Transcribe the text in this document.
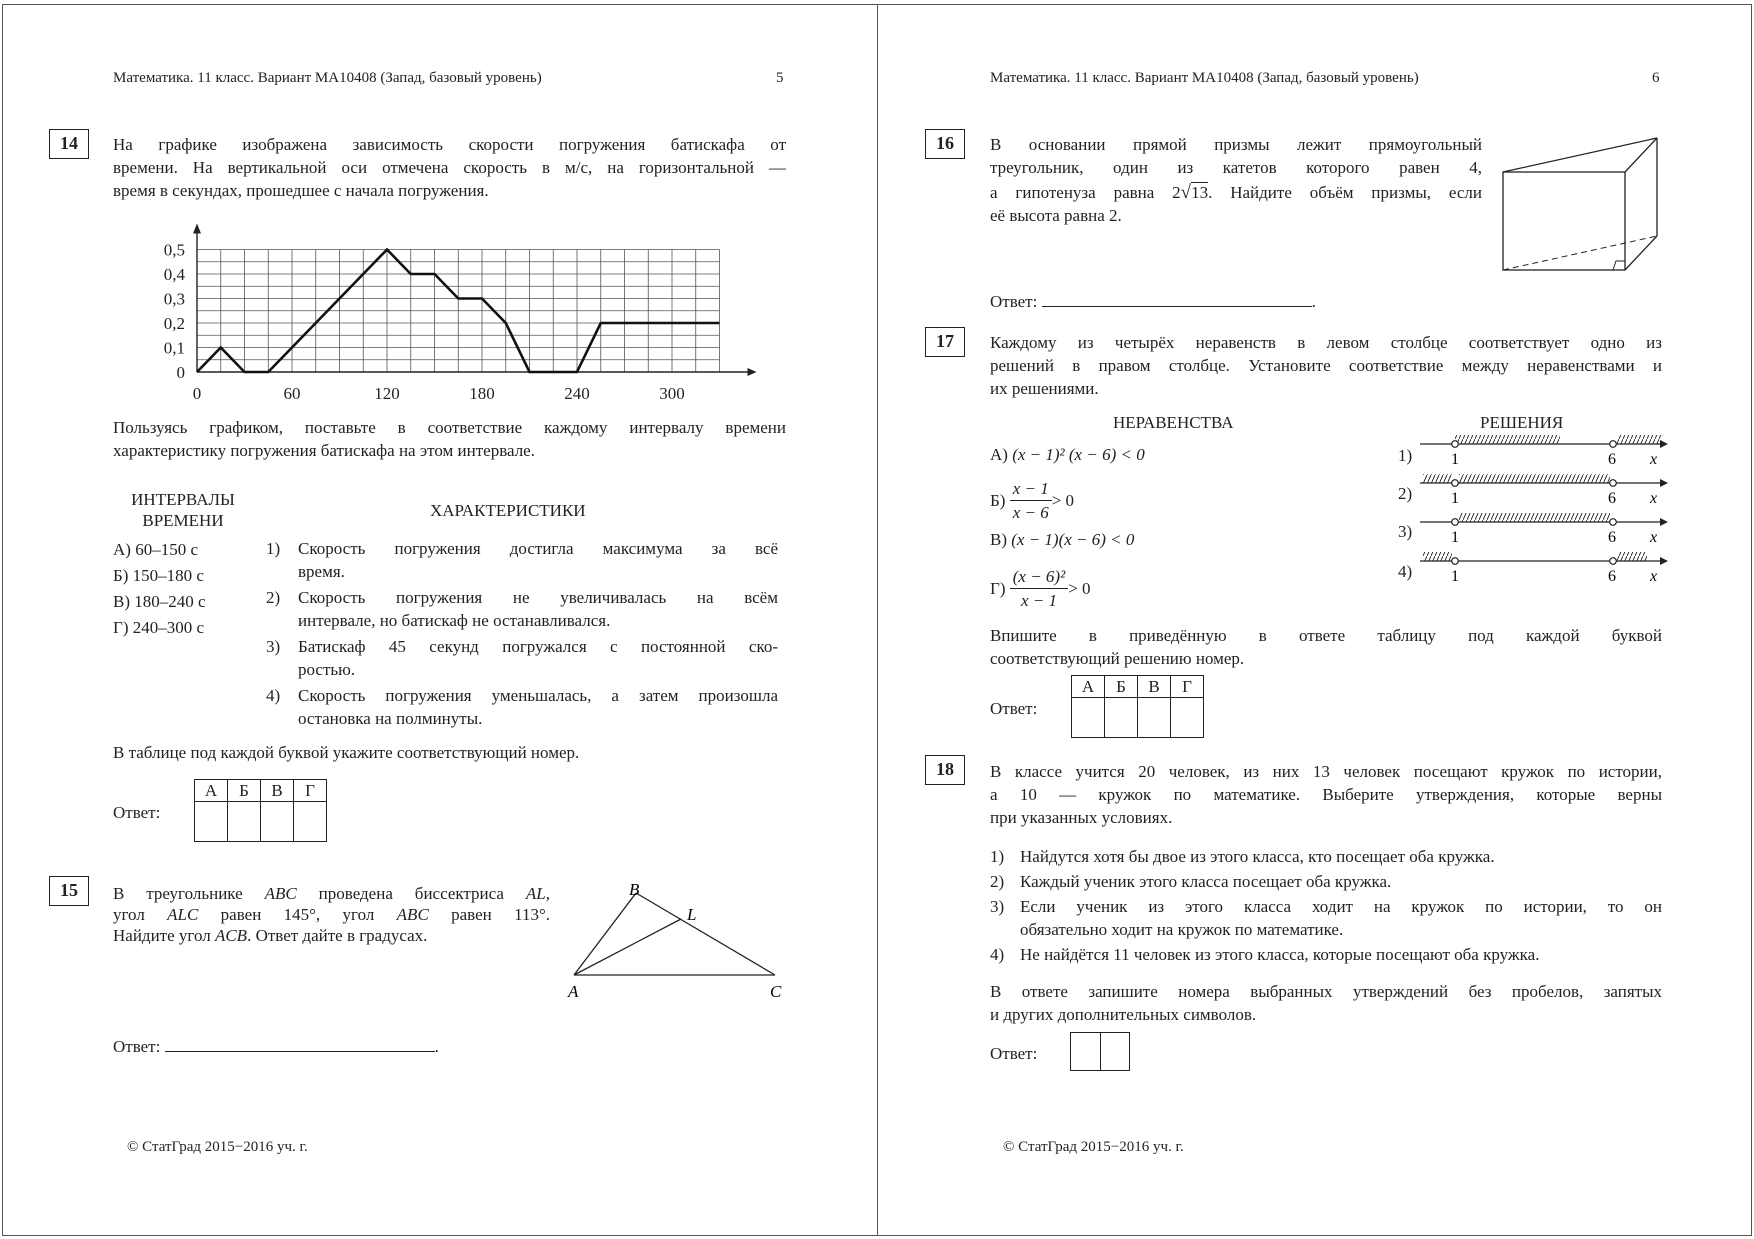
Математика. 11 класс. Вариант МА10408 (Запад, базовый уровень)	5
14	На графике изображена зависимость скорости погружения батискафа от
времени. На вертикальной оси отмечена скорость в м/с, на горизонтальной —
время в секундах, прошедшее с начала погружения.
0
0,1
0,2
0,3
0,4
0,5
0	60	120	180	240	300
Пользуясь графиком, поставьте в соответствие каждому интервалу времени
характеристику погружения батискафа на этом интервале.
ИНТЕРВАЛЫ
ВРЕМЕНИ
ХАРАКТЕРИСТИКИ
А) 60–150 с
Б) 150–180 с
В) 180–240 с
Г) 240–300 с
1)	Скорость погружения достигла максимума за всё
время.
2)	Скорость погружения не увеличивалась на всём
интервале, но батискаф не останавливался.
3)	Батискаф 45 секунд погружался с постоянной ско-
ростью.
4)	Скорость погружения уменьшалась, а затем произошла
остановка на полминуты.
В таблице под каждой буквой укажите соответствующий номер.
Ответ:
А	Б	В	Г

15	В треугольнике ABC проведена биссектриса AL,
угол ALC равен 145°, угол ABC равен 113°.
Найдите угол ACB. Ответ дайте в градусах.
B
L
A	C
Ответ:	.
© СтатГрад 2015−2016 уч. г.
Математика. 11 класс. Вариант МА10408 (Запад, базовый уровень)	6
16	В основании прямой призмы лежит прямоугольный
треугольник, один из катетов которого равен 4,
а гипотенуза равна 2√13. Найдите объём призмы, если
её высота равна 2.
Ответ:	.
17	Каждому из четырёх неравенств в левом столбце соответствует одно из
решений в правом столбце. Установите соответствие между неравенствами и
их решениями.
НЕРАВЕНСТВА	РЕШЕНИЯ
А) (x − 1)² (x − 6) < 0
Б)
$\frac{x - 1}{x - 6} > 0$
В) (x − 1)(x − 6) < 0
Г)
$\frac{\text{(x − 6)²}}{x - 1} > 0$
1)
2)
3)
4)
1	6 x
1	6 x
1	6 x
1	6 x
Впишите в приведённую в ответе таблицу под каждой буквой
соответствующий решению номер.
Ответ:
А	Б	В	Г

18	В классе учится 20 человек, из них 13 человек посещают кружок по истории,
а 10 — кружок по математике. Выберите утверждения, которые верны
при указанных условиях.
1) Найдутся хотя бы двое из этого класса, кто посещает оба кружка.
2) Каждый ученик этого класса посещает оба кружка.
3) Если ученик из этого класса ходит на кружок по истории, то он
обязательно ходит на кружок по математике.
4) Не найдётся 11 человек из этого класса, которые посещают оба кружка.
В ответе запишите номера выбранных утверждений без пробелов, запятых
и других дополнительных символов.
Ответ:
© СтатГрад 2015−2016 уч. г.
